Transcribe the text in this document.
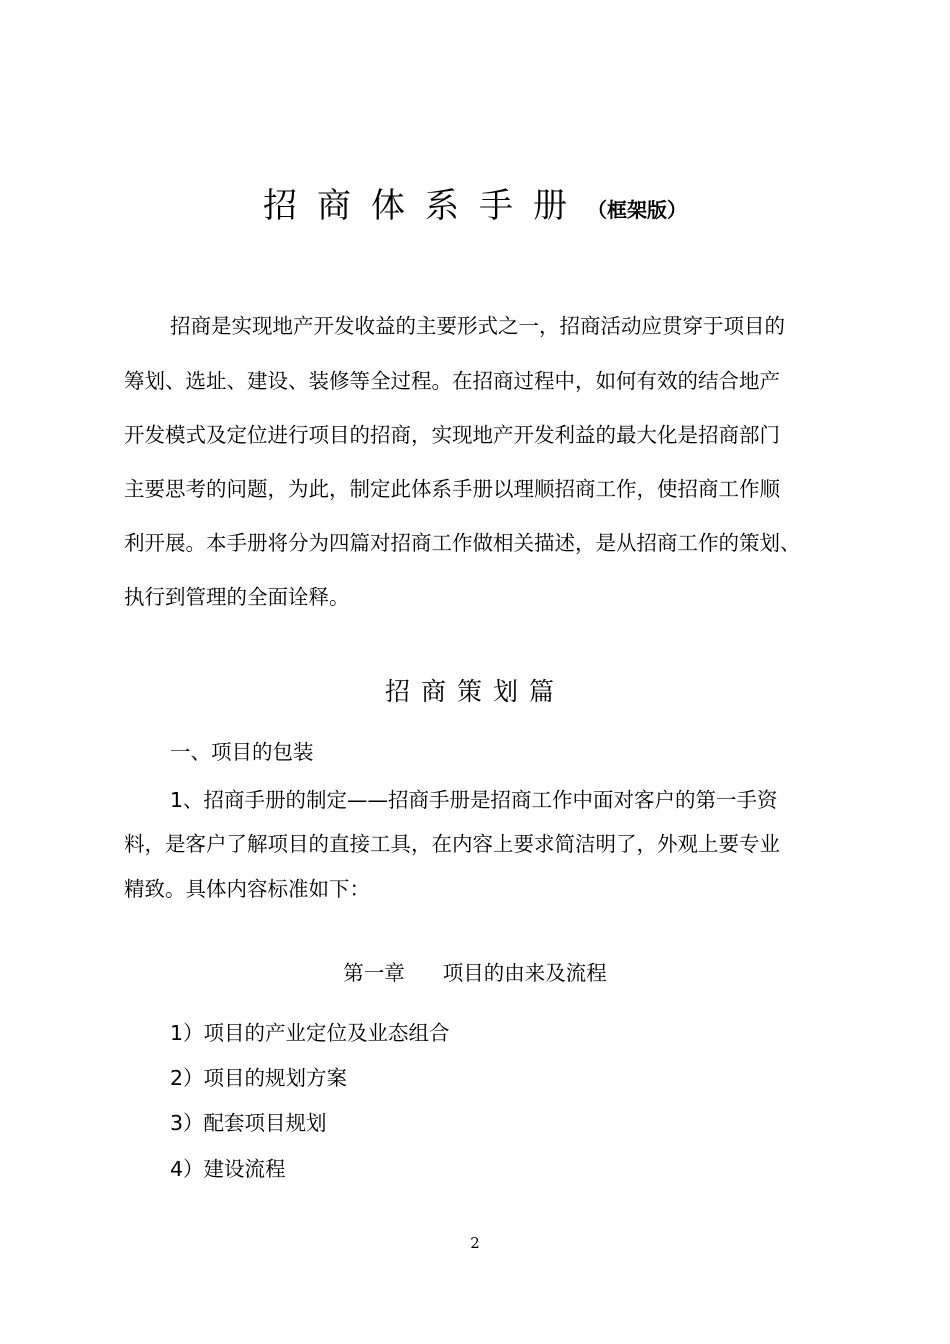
招商体系手册（框架版）
招商是实现地产开发收益的主要形式之一，招商活动应贯穿于项目的
筹划、选址、建设、装修等全过程。在招商过程中，如何有效的结合地产
开发模式及定位进行项目的招商，实现地产开发利益的最大化是招商部门
主要思考的问题，为此，制定此体系手册以理顺招商工作，使招商工作顺
利开展。本手册将分为四篇对招商工作做相关描述，是从招商工作的策划、
执行到管理的全面诠释。
招商策划篇
一、项目的包装
1、招商手册的制定——招商手册是招商工作中面对客户的第一手资
料，是客户了解项目的直接工具，在内容上要求简洁明了，外观上要专业
精致。具体内容标准如下：
第一章 项目的由来及流程
1）项目的产业定位及业态组合
2）项目的规划方案
3）配套项目规划
4）建设流程
2
